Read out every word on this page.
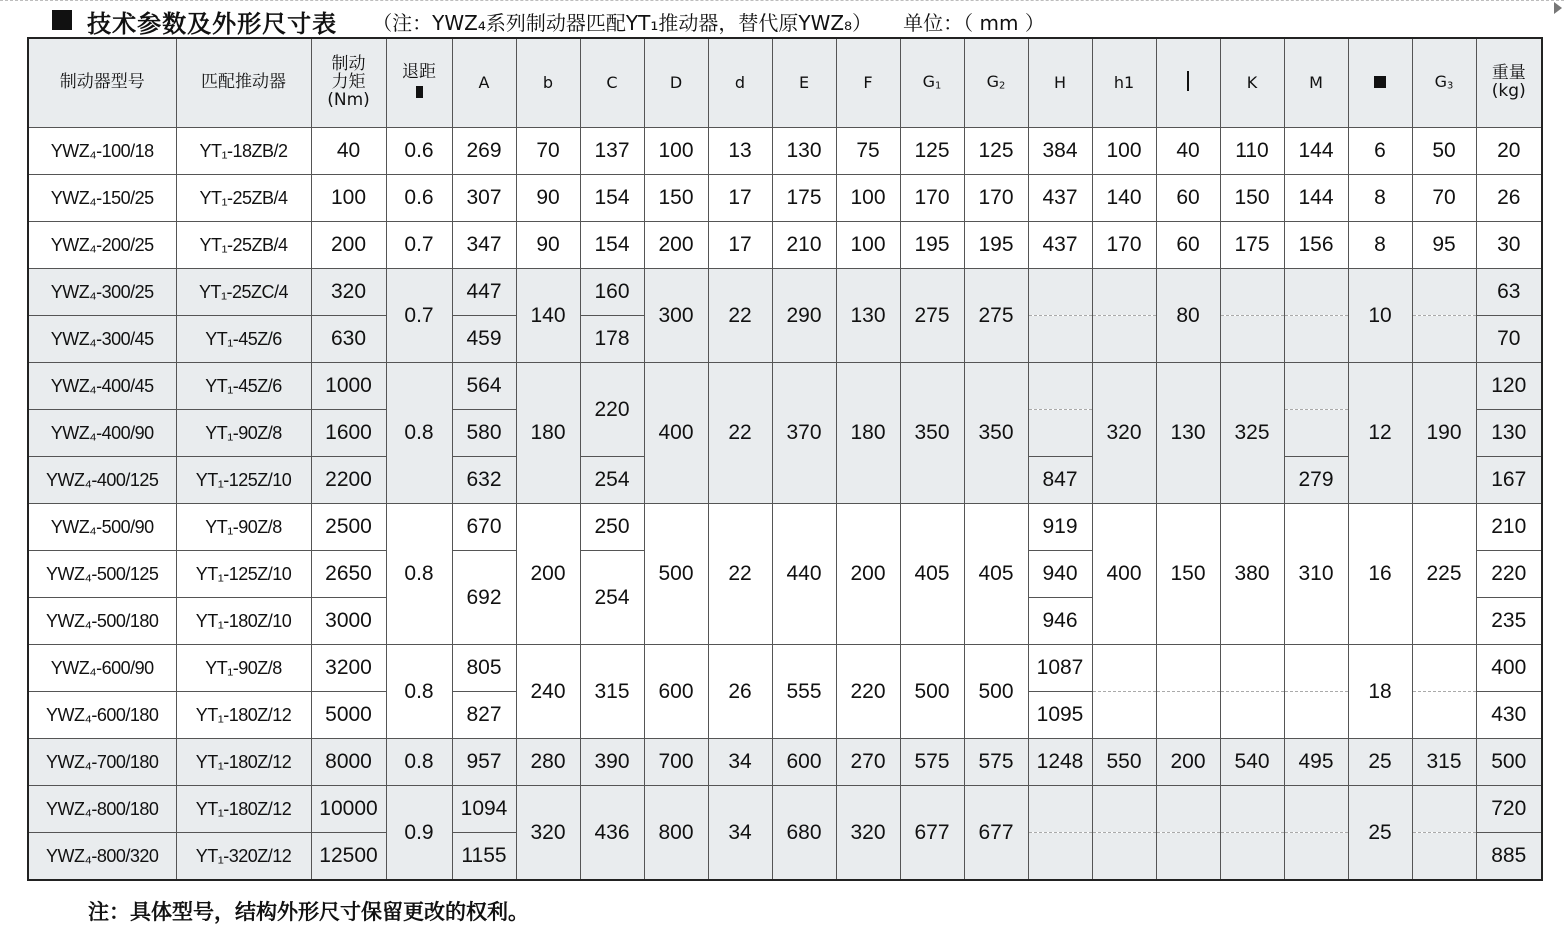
技术参数及外形尺寸表 （注：YWZ₄系列制动器匹配YT₁推动器，替代原YWZ₈） 单位：（ mm ）
制动器型号	匹配推动器	制动力矩(Nm)	退距	A	b	C	D	d	E	F	G1	G2	H	h1		K	M		G3	重量(kg)
YWZ₄-100/18	YT₁-18ZB/2	40	0.6	269	70	137	100	13	130	75	125	125	384	100	40	110	144	6	50	20
YWZ₄-150/25	YT₁-25ZB/4	100	0.6	307	90	154	150	17	175	100	170	170	437	140	60	150	144	8	70	26
YWZ₄-200/25	YT₁-25ZB/4	200	0.7	347	90	154	200	17	210	100	195	195	437	170	60	175	156	8	95	30
YWZ₄-300/25	YT₁-25ZC/4	320	0.7	447	140	160	300	22	290	130	275	275			80			10		63
YWZ₄-300/45	YT₁-45Z/6	630		459		178														70
YWZ₄-400/45	YT₁-45Z/6	1000	0.8	564	180	220	400	22	370	180	350	350		320	130	325		12	190	120
YWZ₄-400/90	YT₁-90Z/8	1600		580																130
YWZ₄-400/125	YT₁-125Z/10	2200		632		254							847				279			167
YWZ₄-500/90	YT₁-90Z/8	2500	0.8	670	200	250	500	22	440	200	405	405	919	400	150	380	310	16	225	210
YWZ₄-500/125	YT₁-125Z/10	2650		692		254							940							220
YWZ₄-500/180	YT₁-180Z/10	3000											946							235
YWZ₄-600/90	YT₁-90Z/8	3200	0.8	805	240	315	600	26	555	220	500	500	1087					18		400
YWZ₄-600/180	YT₁-180Z/12	5000		827									1095							430
YWZ₄-700/180	YT₁-180Z/12	8000	0.8	957	280	390	700	34	600	270	575	575	1248	550	200	540	495	25	315	500
YWZ₄-800/180	YT₁-180Z/12	10000	0.9	1094	320	436	800	34	680	320	677	677						25		720
YWZ₄-800/320	YT₁-320Z/12	12500		1155																885
注：具体型号，结构外形尺寸保留更改的权利。
